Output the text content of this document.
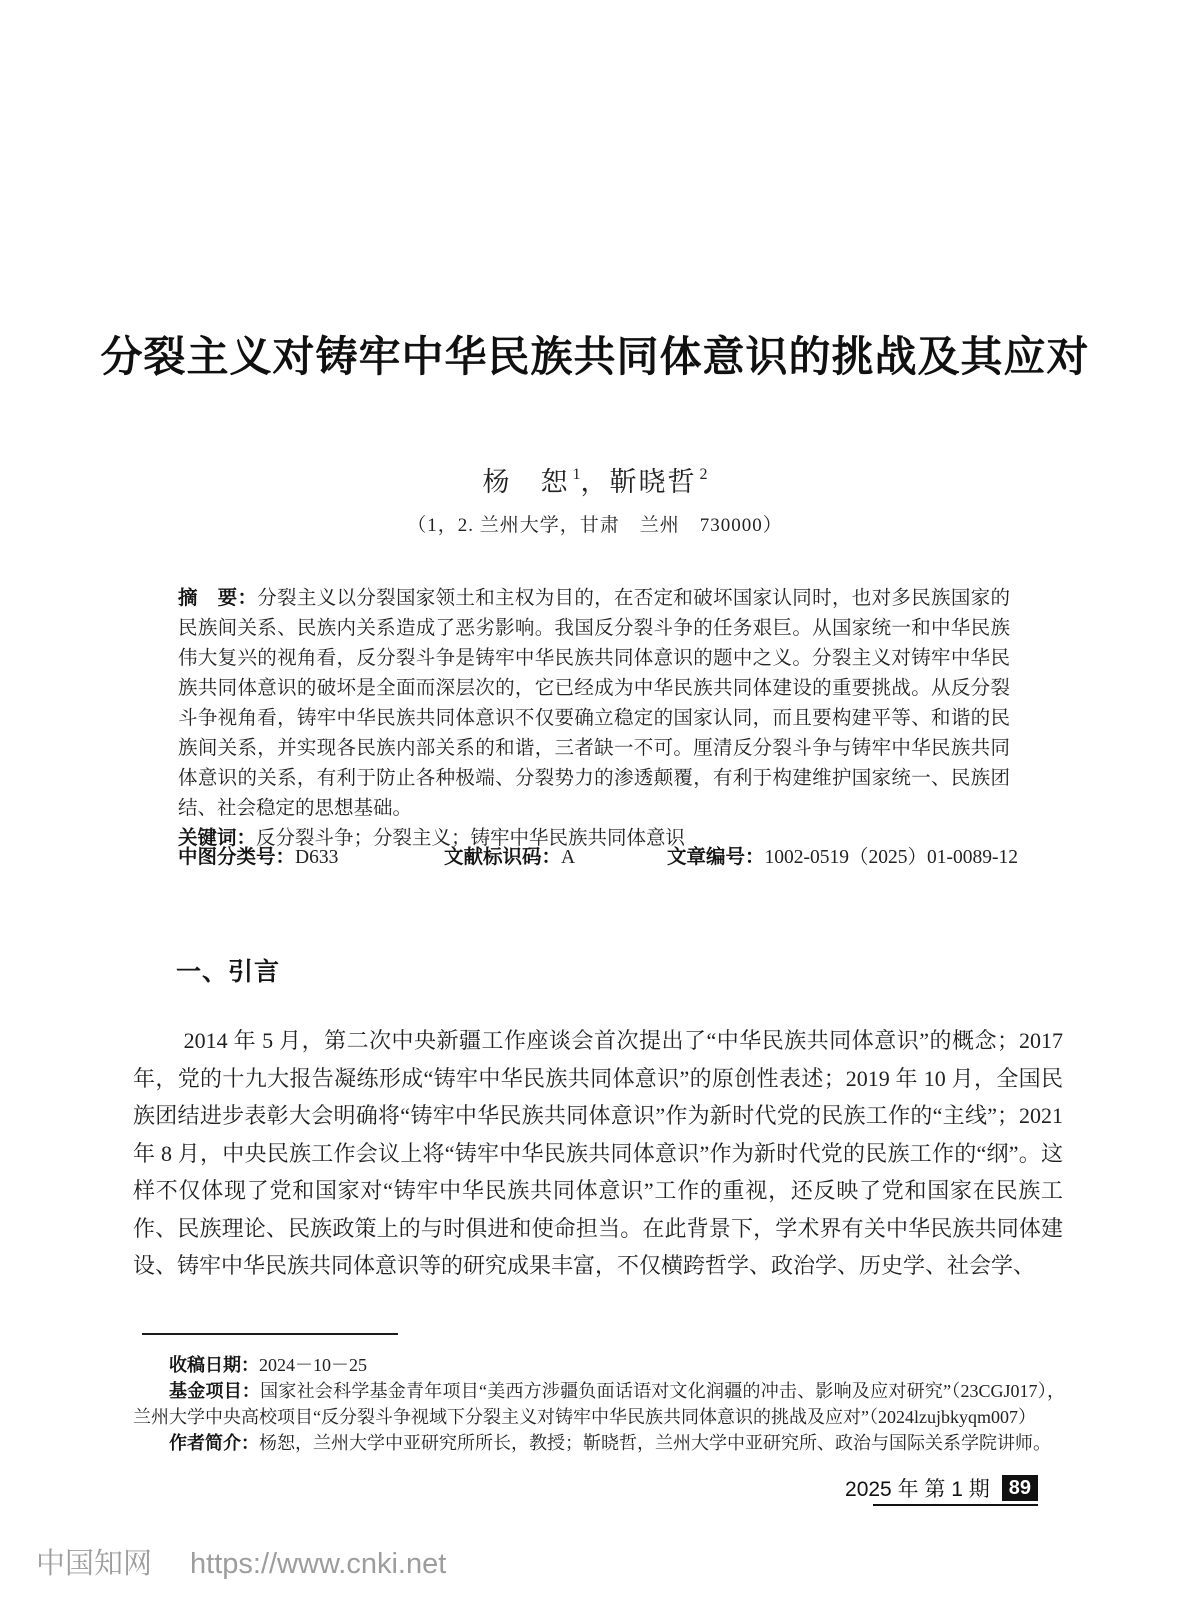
分裂主义对铸牢中华民族共同体意识的挑战及其应对
杨　恕 $^1$，靳晓哲 $^2$
（1，2. 兰州大学，甘肃　兰州　730000）

摘　要：分裂主义以分裂国家领土和主权为目的，在否定和破坏国家认同时，也对多民族国家的民族间关系、民族内关系造成了恶劣影响。我国反分裂斗争的任务艰巨。从国家统一和中华民族伟大复兴的视角看，反分裂斗争是铸牢中华民族共同体意识的题中之义。分裂主义对铸牢中华民族共同体意识的破坏是全面而深层次的，它已经成为中华民族共同体建设的重要挑战。从反分裂斗争视角看，铸牢中华民族共同体意识不仅要确立稳定的国家认同，而且要构建平等、和谐的民族间关系，并实现各民族内部关系的和谐，三者缺一不可。厘清反分裂斗争与铸牢中华民族共同体意识的关系，有利于防止各种极端、分裂势力的渗透颠覆，有利于构建维护国家统一、民族团结、社会稳定的思想基础。

关键词：反分裂斗争；分裂主义；铸牢中华民族共同体意识

中图分类号：D633	文献标识码：A	文章编号：1002-0519（2025）01-0089-12
一、引言

2014 年 5 月，第二次中央新疆工作座谈会首次提出了“中华民族共同体意识”的概念；2017 年，党的十九大报告凝练形成“铸牢中华民族共同体意识”的原创性表述；2019 年 10 月，全国民族团结进步表彰大会明确将“铸牢中华民族共同体意识”作为新时代党的民族工作的“主线”；2021 年 8 月，中央民族工作会议上将“铸牢中华民族共同体意识”作为新时代党的民族工作的“纲”。这样不仅体现了党和国家对“铸牢中华民族共同体意识”工作的重视，还反映了党和国家在民族工作、民族理论、民族政策上的与时俱进和使命担当。在此背景下，学术界有关中华民族共同体建设、铸牢中华民族共同体意识等的研究成果丰富，不仅横跨哲学、政治学、历史学、社会学、

收稿日期：2024－10－25

基金项目：国家社会科学基金青年项目“美西方涉疆负面话语对文化润疆的冲击、影响及应对研究”（23CGJ017），兰州大学中央高校项目“反分裂斗争视域下分裂主义对铸牢中华民族共同体意识的挑战及应对”（2024lzujbkyqm007）

作者简介：杨恕，兰州大学中亚研究所所长，教授；靳晓哲，兰州大学中亚研究所、政治与国际关系学院讲师。

2025 年 第 1 期 89
中国知网 https://www.cnki.net
